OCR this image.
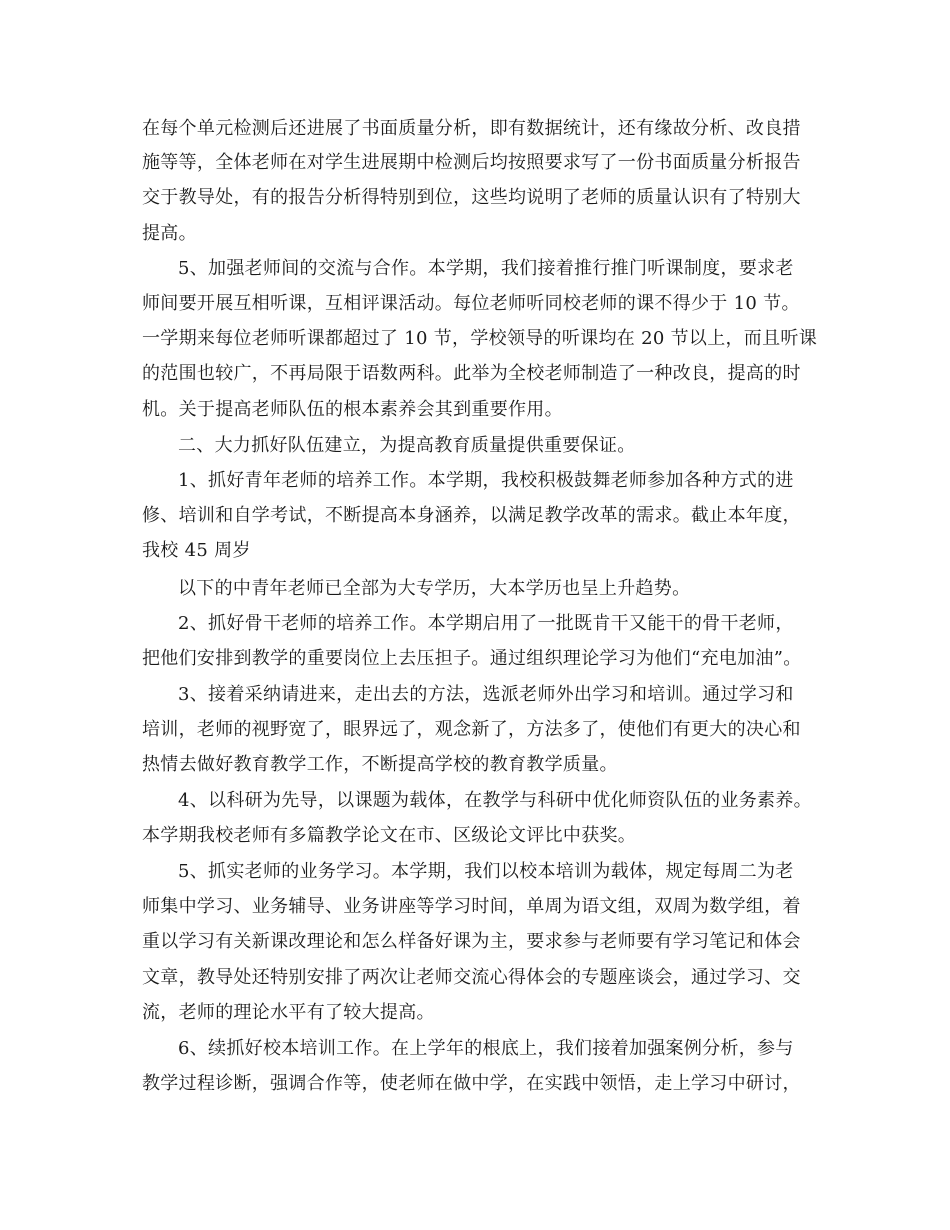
在每个单元检测后还进展了书面质量分析，即有数据统计，还有缘故分析、改良措
施等等，全体老师在对学生进展期中检测后均按照要求写了一份书面质量分析报告
交于教导处，有的报告分析得特别到位，这些均说明了老师的质量认识有了特别大
提高。
5、加强老师间的交流与合作。本学期，我们接着推行推门听课制度，要求老
师间要开展互相听课，互相评课活动。每位老师听同校老师的课不得少于 10 节。
一学期来每位老师听课都超过了 10 节，学校领导的听课均在 20 节以上，而且听课
的范围也较广，不再局限于语数两科。此举为全校老师制造了一种改良，提高的时
机。关于提高老师队伍的根本素养会其到重要作用。
二、大力抓好队伍建立，为提高教育质量提供重要保证。
1、抓好青年老师的培养工作。本学期，我校积极鼓舞老师参加各种方式的进
修、培训和自学考试，不断提高本身涵养，以满足教学改革的需求。截止本年度，
我校 45 周岁
以下的中青年老师已全部为大专学历，大本学历也呈上升趋势。
2、抓好骨干老师的培养工作。本学期启用了一批既肯干又能干的骨干老师，
把他们安排到教学的重要岗位上去压担子。通过组织理论学习为他们“充电加油”。
3、接着采纳请进来，走出去的方法，选派老师外出学习和培训。通过学习和
培训，老师的视野宽了，眼界远了，观念新了，方法多了，使他们有更大的决心和
热情去做好教育教学工作，不断提高学校的教育教学质量。
4、以科研为先导，以课题为载体，在教学与科研中优化师资队伍的业务素养。
本学期我校老师有多篇教学论文在市、区级论文评比中获奖。
5、抓实老师的业务学习。本学期，我们以校本培训为载体，规定每周二为老
师集中学习、业务辅导、业务讲座等学习时间，单周为语文组，双周为数学组，着
重以学习有关新课改理论和怎么样备好课为主，要求参与老师要有学习笔记和体会
文章，教导处还特别安排了两次让老师交流心得体会的专题座谈会，通过学习、交
流，老师的理论水平有了较大提高。
6、续抓好校本培训工作。在上学年的根底上，我们接着加强案例分析，参与
教学过程诊断，强调合作等，使老师在做中学，在实践中领悟，走上学习中研讨，
